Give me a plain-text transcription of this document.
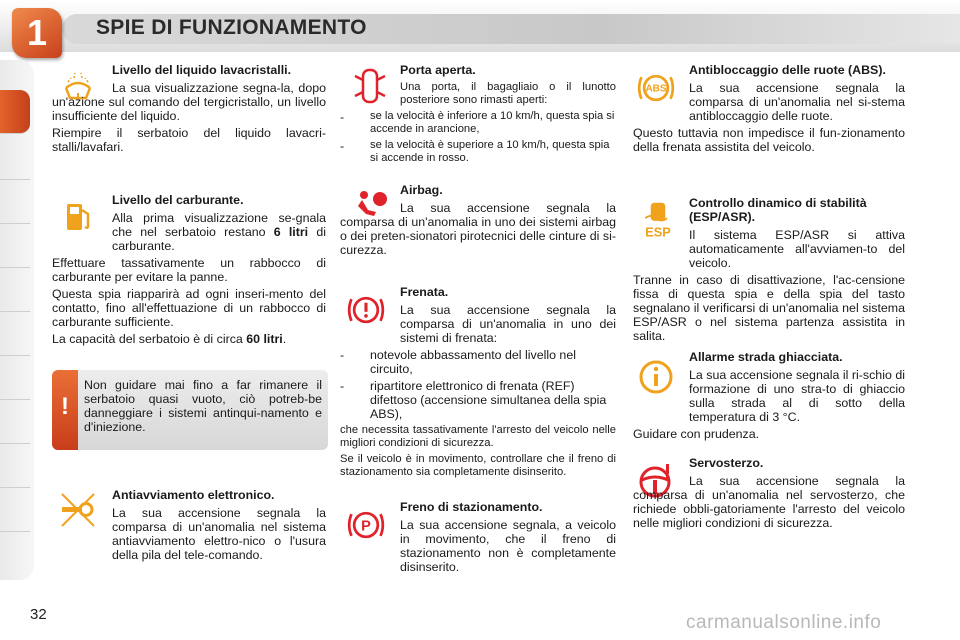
1 SPIE DI FUNZIONAMENTO
Livello del liquido lavacristalli.

La sua visualizzazione segna-la, dopo un'azione sul comando del tergicristallo, un livello insufficiente del liquido.

Riempire il serbatoio del liquido lavacri-stalli/lavafari.

Livello del carburante.

Alla prima visualizzazione se-gnala che nel serbatoio restano 6 litri di carburante.

Effettuare tassativamente un rabbocco di carburante per evitare la panne.

Questa spia riapparirà ad ogni inseri-mento del contatto, fino all'effettuazione di un rabbocco di carburante sufficiente.

La capacità del serbatoio è di circa 60 litri.

!

Non guidare mai fino a far rimanere il serbatoio quasi vuoto, ciò potreb-be danneggiare i sistemi antinqui-namento e d'iniezione.

Antiavviamento elettronico.

La sua accensione segnala la comparsa di un'anomalia nel sistema antiavviamento elettro-nico o l'usura della pila del tele-comando.

Porta aperta.

Una porta, il bagagliaio o il lunotto posteriore sono rimasti aperti:

-	se la velocità è inferiore a 10 km/h, questa spia si accende in arancione,
-	se la velocità è superiore a 10 km/h, questa spia si accende in rosso.
Airbag.

La sua accensione segnala la comparsa di un'anomalia in uno dei sistemi airbag o dei preten-sionatori pirotecnici delle cinture di si-curezza.

Frenata.

La sua accensione segnala la comparsa di un'anomalia in uno dei sistemi di frenata:

-	notevole abbassamento del livello nel circuito,
-	ripartitore elettronico di frenata (REF) difettoso (accensione simultanea della spia ABS),

che necessita tassativamente l'arresto del veicolo nelle migliori condizioni di sicurezza.

Se il veicolo è in movimento, controllare che il freno di stazionamento sia completamente disinserito.

P
Freno di stazionamento.

La sua accensione segnala, a veicolo in movimento, che il freno di stazionamento non è completamente disinserito.

ABS
Antibloccaggio delle ruote (ABS).

La sua accensione segnala la comparsa di un'anomalia nel si-stema antibloccaggio delle ruote.

Questo tuttavia non impedisce il fun-zionamento della frenata assistita del veicolo.

ESP
Controllo dinamico di stabilità (ESP/ASR).

Il sistema ESP/ASR si attiva automaticamente all'avviamen-to del veicolo.

Tranne in caso di disattivazione, l'ac-censione fissa di questa spia e della spia del tasto segnalano il verificarsi di un'anomalia nel sistema ESP/ASR o nel sistema partenza assistita in salita.

Allarme strada ghiacciata.

La sua accensione segnala il ri-schio di formazione di uno stra-to di ghiaccio sulla strada al di sotto della temperatura di 3 °C.

Guidare con prudenza.

Servosterzo.

La sua accensione segnala la comparsa di un'anomalia nel servosterzo, che richiede obbli-gatoriamente l'arresto del veicolo nelle migliori condizioni di sicurezza.

32	carmanualsonline.info
